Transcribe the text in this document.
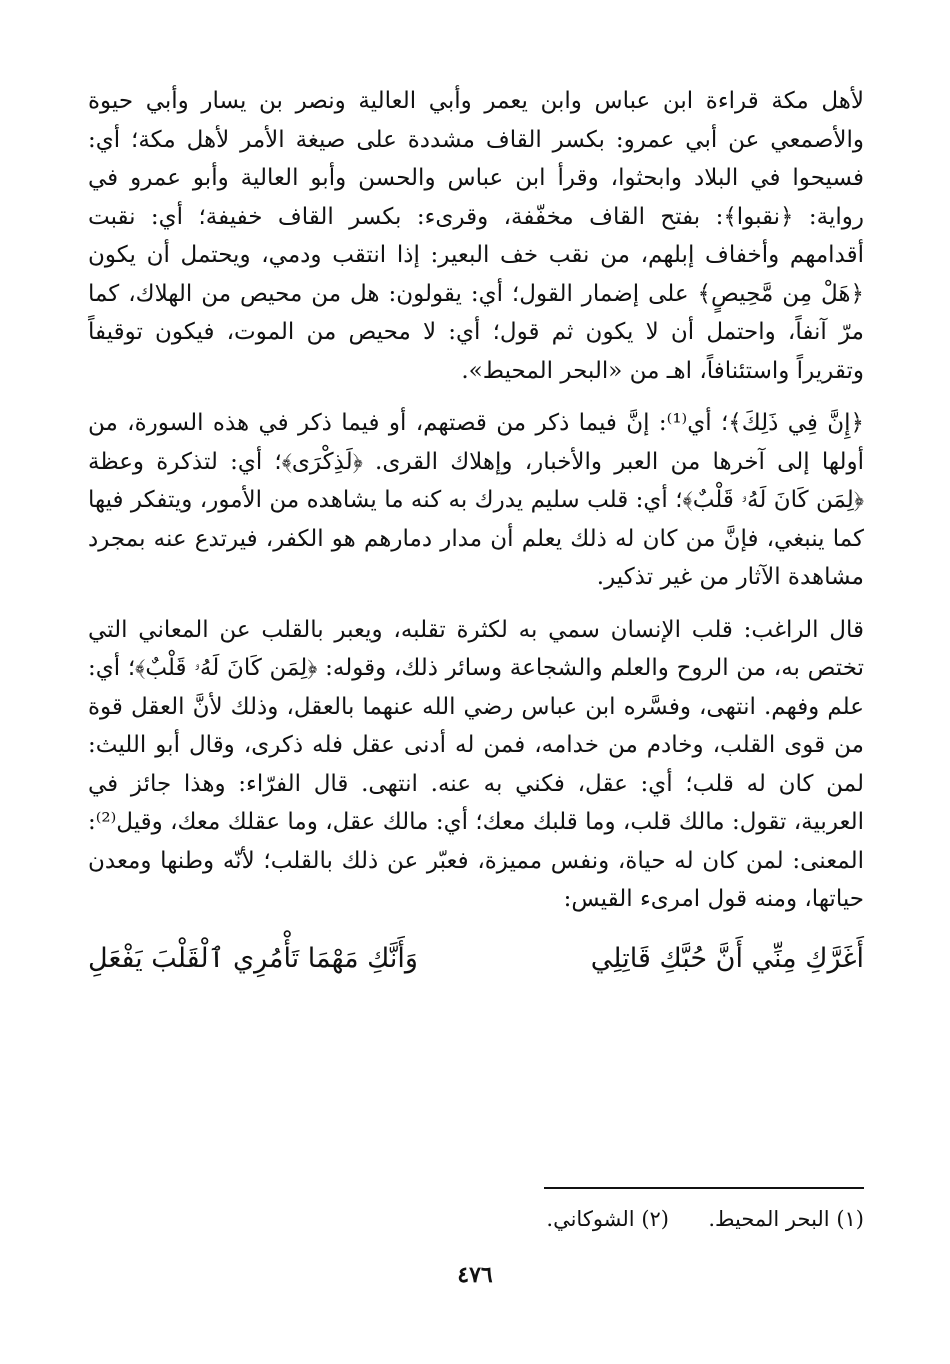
لأهل مكة قراءة ابن عباس وابن يعمر وأبي العالية ونصر بن يسار وأبي حيوة والأصمعي عن أبي عمرو: بكسر القاف مشددة على صيغة الأمر لأهل مكة؛ أي: فسيحوا في البلاد وابحثوا، وقرأ ابن عباس والحسن وأبو العالية وأبو عمرو في رواية: ﴿نقبوا﴾: بفتح القاف مخفّفة، وقرىء: بكسر القاف خفيفة؛ أي: نقبت أقدامهم وأخفاف إبلهم، من نقب خف البعير: إذا انتقب ودمي، ويحتمل أن يكون ﴿هَلْ مِن مَّحِيصٍ﴾ على إضمار القول؛ أي: يقولون: هل من محيص من الهلاك، كما مرّ آنفاً، واحتمل أن لا يكون ثم قول؛ أي: لا محيص من الموت، فيكون توقيفاً وتقريراً واستئنافاً، اهـ من «البحر المحيط».

﴿إِنَّ فِي ذَلِكَ﴾؛ أي⁽¹⁾: إنَّ فيما ذكر من قصتهم، أو فيما ذكر في هذه السورة، من أولها إلى آخرها من العبر والأخبار، وإهلاك القرى. ﴿لَذِكْرَى﴾؛ أي: لتذكرة وعظة ﴿لِمَن كَانَ لَهُۥ قَلْبٌ﴾؛ أي: قلب سليم يدرك به كنه ما يشاهده من الأمور، ويتفكر فيها كما ينبغي، فإنَّ من كان له ذلك يعلم أن مدار دمارهم هو الكفر، فيرتدع عنه بمجرد مشاهدة الآثار من غير تذكير.

قال الراغب: قلب الإنسان سمي به لكثرة تقلبه، ويعبر بالقلب عن المعاني التي تختص به، من الروح والعلم والشجاعة وسائر ذلك، وقوله: ﴿لِمَن كَانَ لَهُۥ قَلْبٌ﴾؛ أي: علم وفهم. انتهى، وفسَّره ابن عباس رضي الله عنهما بالعقل، وذلك لأنَّ العقل قوة من قوى القلب، وخادم من خدامه، فمن له أدنى عقل فله ذكرى، وقال أبو الليث: لمن كان له قلب؛ أي: عقل، فكني به عنه. انتهى. قال الفرّاء: وهذا جائز في العربية، تقول: مالك قلب، وما قلبك معك؛ أي: مالك عقل، وما عقلك معك، وقيل⁽²⁾: المعنى: لمن كان له حياة، ونفس مميزة، فعبّر عن ذلك بالقلب؛ لأنّه وطنها ومعدن حياتها، ومنه قول امرىء القيس:

أَغَرَّكِ مِنِّي أَنَّ حُبَّكِ قَاتِلِي
وَأَنَّكِ مَهْمَا تَأْمُرِي ٱلْقَلْبَ يَفْعَلِ
(١) البحر المحيط.
(٢) الشوكاني.
٤٧٦
